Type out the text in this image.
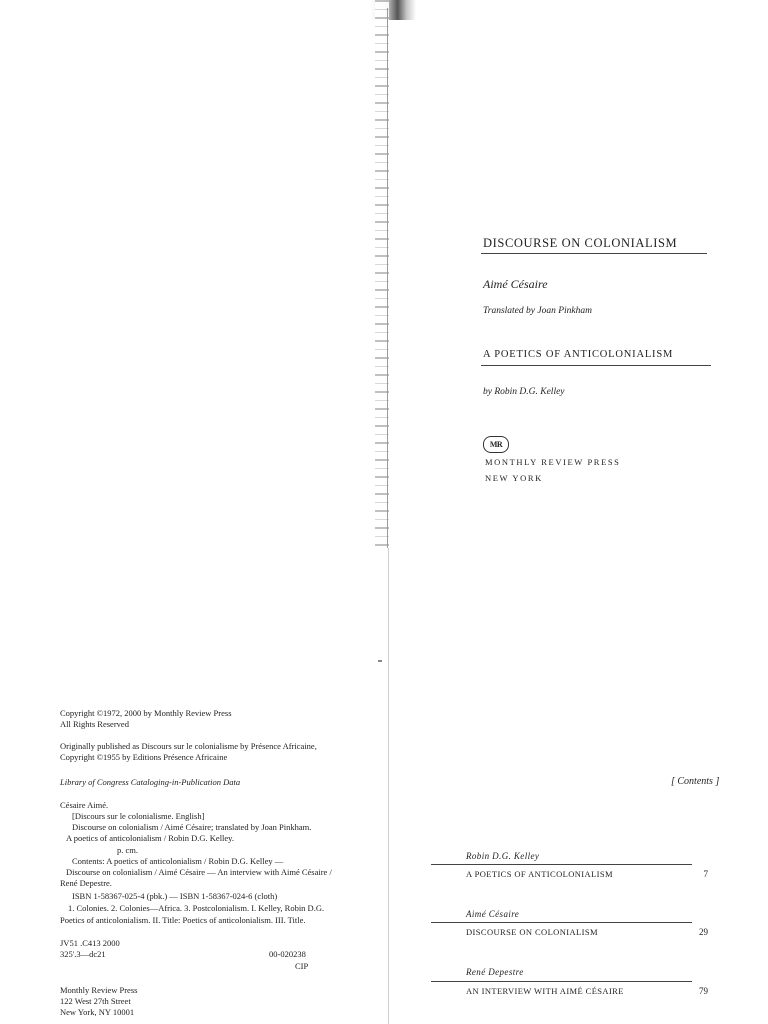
DISCOURSE ON COLONIALISM
Aimé Césaire
Translated by Joan Pinkham
A POETICS OF ANTICOLONIALISM
by Robin D.G. Kelley
MR
MONTHLY REVIEW PRESS
NEW YORK
Copyright ©1972, 2000 by Monthly Review Press
All Rights Reserved
Originally published as Discours sur le colonialisme by Présence Africaine,
Copyright ©1955 by Editions Présence Africaine
Library of Congress Cataloging-in-Publication Data
Césaire Aimé.
[Discours sur le colonialisme. English]
Discourse on colonialism / Aimé Césaire; translated by Joan Pinkham.
A poetics of anticolonialism / Robin D.G. Kelley.
p. cm.
Contents: A poetics of anticolonialism / Robin D.G. Kelley —
Discourse on colonialism / Aimé Césaire — An interview with Aimé Césaire /
René Depestre.
ISBN 1-58367-025-4 (pbk.) — ISBN 1-58367-024-6 (cloth)
1. Colonies. 2. Colonies—Africa. 3. Postcolonialism. I. Kelley, Robin D.G.
Poetics of anticolonialism. II. Title: Poetics of anticolonialism. III. Title.
JV51 .C413 2000
325'.3—dc21	00-020238
CIP
Monthly Review Press
122 West 27th Street
New York, NY 10001
[ Contents ]
Robin D.G. Kelley
A POETICS OF ANTICOLONIALISM	7
Aimé Césaire
DISCOURSE ON COLONIALISM	29
René Depestre
AN INTERVIEW WITH AIMÉ CÉSAIRE	79
